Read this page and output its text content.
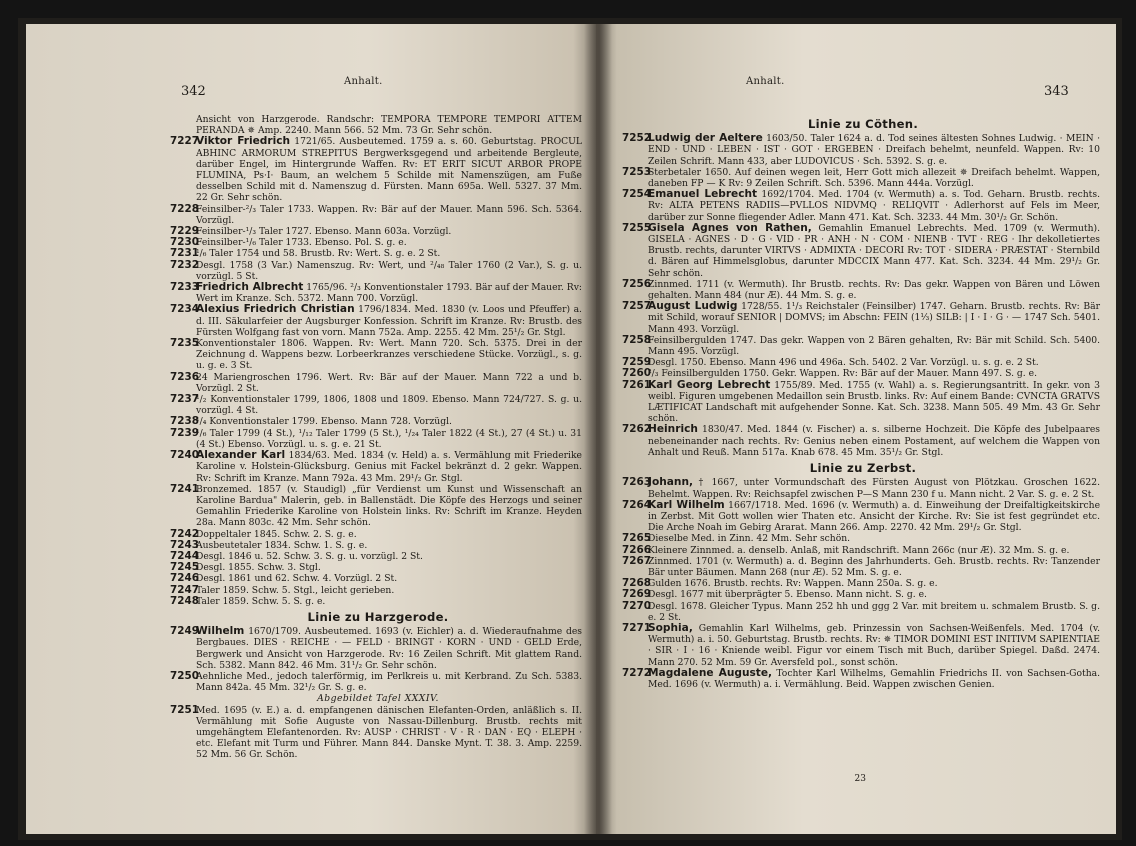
342
Anhalt.

Ansicht von Harzgerode. Randschr: TEMPORA TEMPORE TEMPORI ATTEM PERANDA ✵ Amp. 2240. Mann 566. 52 Mm. 73 Gr. Sehr schön.

7227
Viktor Friedrich 1721/65. Ausbeutemed. 1759 a. s. 60. Geburtstag. PROCUL ABHINC ARMORUM STREPITUS Bergwerksgegend und arbeitende Bergleute, darüber Engel, im Hintergrunde Waffen. Rv: ET ERIT SICUT ARBOR PROPE FLUMINA, Ps·I· Baum, an welchem 5 Schilde mit Namenszügen, am Fuße desselben Schild mit d. Namenszug d. Fürsten. Mann 695a. Well. 5327. 37 Mm. 22 Gr. Sehr schön.

7228
Feinsilber-²/₃ Taler 1733. Wappen. Rv: Bär auf der Mauer. Mann 596. Sch. 5364. Vorzügl.

7229
Feinsilber-¹/₃ Taler 1727. Ebenso. Mann 603a. Vorzügl.

7230
Feinsilber-¹/₆ Taler 1733. Ebenso. Pol. S. g. e.

7231
¹/₆ Taler 1754 und 58. Brustb. Rv: Wert. S. g. e. 2 St.

7232
Desgl. 1758 (3 Var.) Namenszug. Rv: Wert, und ²/₄₈ Taler 1760 (2 Var.), S. g. u. vorzügl. 5 St.

7233
Friedrich Albrecht 1765/96. ²/₃ Konventionstaler 1793. Bär auf der Mauer. Rv: Wert im Kranze. Sch. 5372. Mann 700. Vorzügl.

7234
Alexius Friedrich Christian 1796/1834. Med. 1830 (v. Loos und Pfeuffer) a. d. III. Säkularfeier der Augsburger Konfession. Schrift im Kranze. Rv: Brustb. des Fürsten Wolfgang fast von vorn. Mann 752a. Amp. 2255. 42 Mm. 25¹/₂ Gr. Stgl.

7235
Konventionstaler 1806. Wappen. Rv: Wert. Mann 720. Sch. 5375. Drei in der Zeichnung d. Wappens bezw. Lorbeerkranzes verschiedene Stücke. Vorzügl., s. g. u. g. e. 3 St.

7236
24 Mariengroschen 1796. Wert. Rv: Bär auf der Mauer. Mann 722 a und b. Vorzügl. 2 St.

7237
¹/₂ Konventionstaler 1799, 1806, 1808 und 1809. Ebenso. Mann 724/727. S. g. u. vorzügl. 4 St.

7238
¹/₄ Konventionstaler 1799. Ebenso. Mann 728. Vorzügl.

7239
¹/₆ Taler 1799 (4 St.), ¹/₁₂ Taler 1799 (5 St.), ¹/₂₄ Taler 1822 (4 St.), 27 (4 St.) u. 31 (4 St.) Ebenso. Vorzügl. u. s. g. e. 21 St.

7240
Alexander Karl 1834/63. Med. 1834 (v. Held) a. s. Vermählung mit Friederike Karoline v. Holstein-Glücksburg. Genius mit Fackel bekränzt d. 2 gekr. Wappen. Rv: Schrift im Kranze. Mann 792a. 43 Mm. 29¹/₂ Gr. Stgl.

7241
Bronzemed. 1857 (v. Staudigl) „für Verdienst um Kunst und Wissenschaft an Karoline Bardua" Malerin, geb. in Ballenstädt. Die Köpfe des Herzogs und seiner Gemahlin Friederike Karoline von Holstein links. Rv: Schrift im Kranze. Heyden 28a. Mann 803c. 42 Mm. Sehr schön.

7242
Doppeltaler 1845. Schw. 2. S. g. e.

7243
Ausbeutetaler 1834. Schw. 1. S. g. e.

7244
Desgl. 1846 u. 52. Schw. 3. S. g. u. vorzügl. 2 St.

7245
Desgl. 1855. Schw. 3. Stgl.

7246
Desgl. 1861 und 62. Schw. 4. Vorzügl. 2 St.

7247
Taler 1859. Schw. 5. Stgl., leicht gerieben.

7248
Taler 1859. Schw. 5. S. g. e.

Linie zu Harzgerode.

7249
Wilhelm 1670/1709. Ausbeutemed. 1693 (v. Eichler) a. d. Wiederaufnahme des Bergbaues. DIES · REICHE · — FELD · BRINGT · KORN · UND · GELD Erde, Bergwerk und Ansicht von Harzgerode. Rv: 16 Zeilen Schrift. Mit glattem Rand. Sch. 5382. Mann 842. 46 Mm. 31¹/₂ Gr. Sehr schön.

7250
Aehnliche Med., jedoch talerförmig, im Perlkreis u. mit Kerbrand. Zu Sch. 5383. Mann 842a. 45 Mm. 32¹/₂ Gr. S. g. e.

Abgebildet Tafel XXXIV.

7251
Med. 1695 (v. E.) a. d. empfangenen dänischen Elefanten-Orden, anläßlich s. II. Vermählung mit Sofie Auguste von Nassau-Dillenburg. Brustb. rechts mit umgehängtem Elefantenorden. Rv: AUSP · CHRIST · V · R · DAN · EQ · ELEPH · etc. Elefant mit Turm und Führer. Mann 844. Danske Mynt. T. 38. 3. Amp. 2259. 52 Mm. 56 Gr. Schön.

Anhalt.
343
Linie zu Cöthen.

7252
Ludwig der Aeltere 1603/50. Taler 1624 a. d. Tod seines ältesten Sohnes Ludwig. · MEIN · END · UND · LEBEN · IST · GOT · ERGEBEN · Dreifach behelmt, neunfeld. Wappen. Rv: 10 Zeilen Schrift. Mann 433, aber LUDOVICUS · Sch. 5392. S. g. e.

7253
Sterbetaler 1650. Auf deinen wegen leit, Herr Gott mich allezeit ✵ Dreifach behelmt. Wappen, daneben FP — K Rv: 9 Zeilen Schrift. Sch. 5396. Mann 444a. Vorzügl.

7254
Emanuel Lebrecht 1692/1704. Med. 1704 (v. Wermuth) a. s. Tod. Geharn. Brustb. rechts. Rv: ALTA PETENS RADIIS—PVLLOS NIDVMQ · RELIQVIT · Adlerhorst auf Fels im Meer, darüber zur Sonne fliegender Adler. Mann 471. Kat. Sch. 3233. 44 Mm. 30¹/₂ Gr. Schön.

7255
Gisela Agnes von Rathen, Gemahlin Emanuel Lebrechts. Med. 1709 (v. Wermuth). GISELA · AGNES · D · G · VID · PR · ANH · N · COM · NIENB · TVT · REG · Ihr dekolletiertes Brustb. rechts, darunter VIRTVS · ADMIXTA · DECORI Rv: TOT · SIDERA · PRÆSTAT · Sternbild d. Bären auf Himmelsglobus, darunter MDCCIX Mann 477. Kat. Sch. 3234. 44 Mm. 29¹/₂ Gr. Sehr schön.

7256
Zinnmed. 1711 (v. Wermuth). Ihr Brustb. rechts. Rv: Das gekr. Wappen von Bären und Löwen gehalten. Mann 484 (nur Æ). 44 Mm. S. g. e.

7257
August Ludwig 1728/55. 1¹/₃ Reichstaler (Feinsilber) 1747. Geharn. Brustb. rechts. Rv: Bär mit Schild, worauf SENIOR | DOMVS; im Abschn: FEIN (1⅓) SILB: | I · I · G · — 1747 Sch. 5401. Mann 493. Vorzügl.

7258
Feinsilbergulden 1747. Das gekr. Wappen von 2 Bären gehalten, Rv: Bär mit Schild. Sch. 5400. Mann 495. Vorzügl.

7259
Desgl. 1750. Ebenso. Mann 496 und 496a. Sch. 5402. 2 Var. Vorzügl. u. s. g. e. 2 St.

7260
²/₃ Feinsilbergulden 1750. Gekr. Wappen. Rv: Bär auf der Mauer. Mann 497. S. g. e.

7261
Karl Georg Lebrecht 1755/89. Med. 1755 (v. Wahl) a. s. Regierungsantritt. In gekr. von 3 weibl. Figuren umgebenen Medaillon sein Brustb. links. Rv: Auf einem Bande: CVNCTA GRATVS LÆTIFICAT Landschaft mit aufgehender Sonne. Kat. Sch. 3238. Mann 505. 49 Mm. 43 Gr. Sehr schön.

7262
Heinrich 1830/47. Med. 1844 (v. Fischer) a. s. silberne Hochzeit. Die Köpfe des Jubelpaares nebeneinander nach rechts. Rv: Genius neben einem Postament, auf welchem die Wappen von Anhalt und Reuß. Mann 517a. Knab 678. 45 Mm. 35¹/₂ Gr. Stgl.

Linie zu Zerbst.

7263
Johann, † 1667, unter Vormundschaft des Fürsten August von Plötzkau. Groschen 1622. Behelmt. Wappen. Rv: Reichsapfel zwischen P—S Mann 230 f u. Mann nicht. 2 Var. S. g. e. 2 St.

7264
Karl Wilhelm 1667/1718. Med. 1696 (v. Wermuth) a. d. Einweihung der Dreifaltigkeitskirche in Zerbst. Mit Gott wollen wier Thaten etc. Ansicht der Kirche. Rv: Sie ist fest gegründet etc. Die Arche Noah im Gebirg Ararat. Mann 266. Amp. 2270. 42 Mm. 29¹/₂ Gr. Stgl.

7265
Dieselbe Med. in Zinn. 42 Mm. Sehr schön.

7266
Kleinere Zinnmed. a. denselb. Anlaß, mit Randschrift. Mann 266c (nur Æ). 32 Mm. S. g. e.

7267
Zinnmed. 1701 (v. Wermuth) a. d. Beginn des Jahrhunderts. Geh. Brustb. rechts. Rv: Tanzender Bär unter Bäumen. Mann 268 (nur Æ). 52 Mm. S. g. e.

7268
Gulden 1676. Brustb. rechts. Rv: Wappen. Mann 250a. S. g. e.

7269
Desgl. 1677 mit überprägter 5. Ebenso. Mann nicht. S. g. e.

7270
Desgl. 1678. Gleicher Typus. Mann 252 hh und ggg 2 Var. mit breitem u. schmalem Brustb. S. g. e. 2 St.

7271
Sophia, Gemahlin Karl Wilhelms, geb. Prinzessin von Sachsen-Weißenfels. Med. 1704 (v. Wermuth) a. i. 50. Geburtstag. Brustb. rechts. Rv: ✵ TIMOR DOMINI EST INITIVM SAPIENTIAE · SIR · I · 16 · Kniende weibl. Figur vor einem Tisch mit Buch, darüber Spiegel. Daßd. 2474. Mann 270. 52 Mm. 59 Gr. Aversfeld pol., sonst schön.

7272
Magdalene Auguste, Tochter Karl Wilhelms, Gemahlin Friedrichs II. von Sachsen-Gotha. Med. 1696 (v. Wermuth) a. i. Vermählung. Beid. Wappen zwischen Genien.

23
